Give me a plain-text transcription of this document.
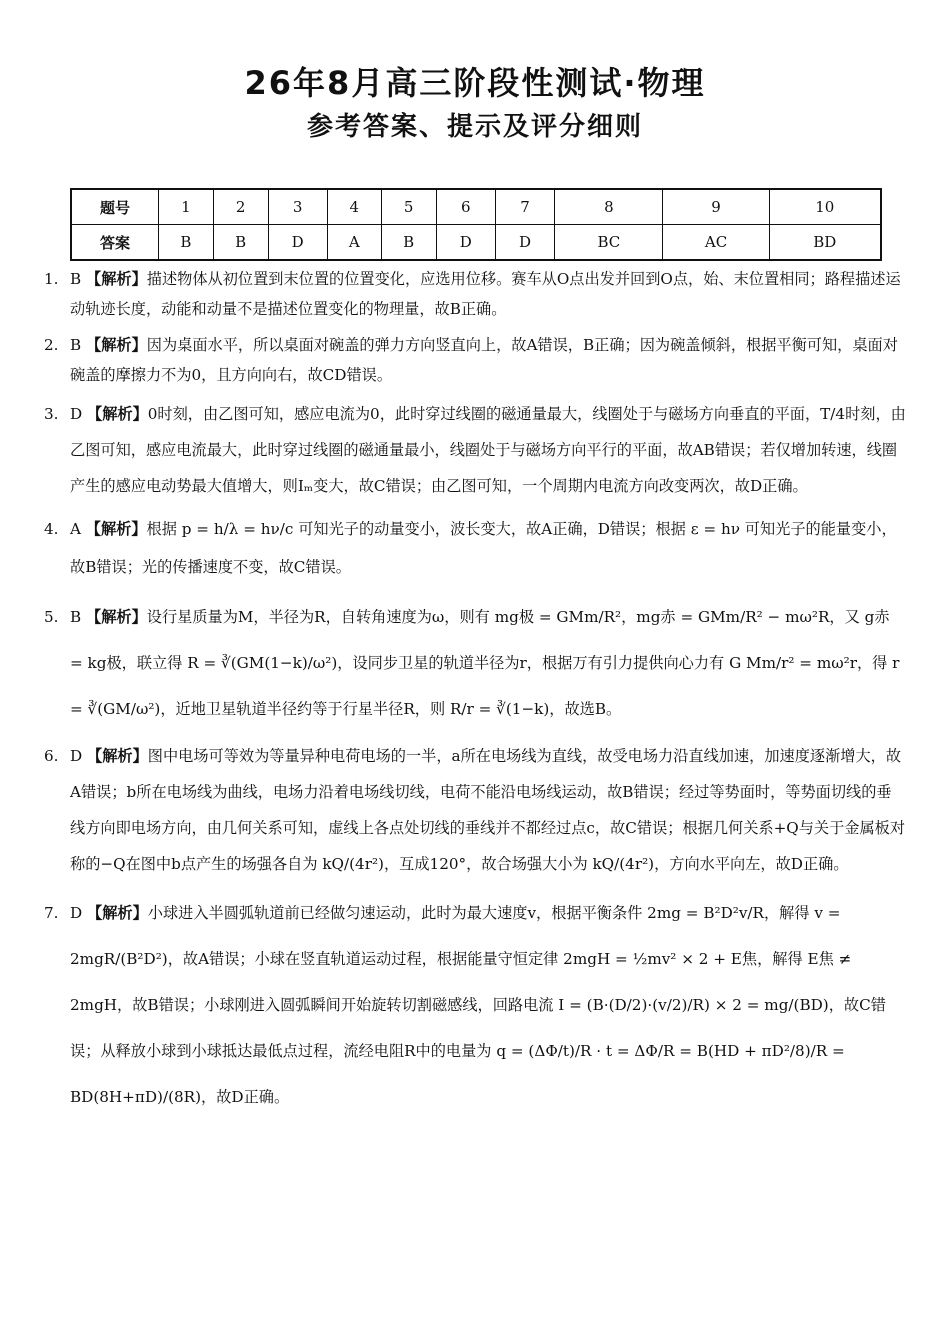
26年8月高三阶段性测试·物理
参考答案、提示及评分细则
题号	1	2	3	4	5	6	7	8	9	10
答案	B	B	D	A	B	D	D	BC	AC	BD
1. B 【解析】描述物体从初位置到末位置的位置变化，应选用位移。赛车从O点出发并回到O点，始、末位置相同；路程描述运动轨迹长度，动能和动量不是描述位置变化的物理量，故B正确。
2. B 【解析】因为桌面水平，所以桌面对碗盖的弹力方向竖直向上，故A错误，B正确；因为碗盖倾斜，根据平衡可知，桌面对碗盖的摩擦力不为0，且方向向右，故CD错误。
3. D 【解析】0时刻，由乙图可知，感应电流为0，此时穿过线圈的磁通量最大，线圈处于与磁场方向垂直的平面，T/4时刻，由乙图可知，感应电流最大，此时穿过线圈的磁通量最小，线圈处于与磁场方向平行的平面，故AB错误；若仅增加转速，线圈产生的感应电动势最大值增大，则Iₘ变大，故C错误；由乙图可知，一个周期内电流方向改变两次，故D正确。
4. A 【解析】根据 p = h/λ = hν/c 可知光子的动量变小，波长变大，故A正确，D错误；根据 ε = hν 可知光子的能量变小，故B错误；光的传播速度不变，故C错误。
5. B 【解析】设行星质量为M，半径为R，自转角速度为ω，则有 mg极 = GMm/R²，mg赤 = GMm/R² − mω²R，又 g赤 = kg极，联立得 R = ∛(GM(1−k)/ω²)，设同步卫星的轨道半径为r，根据万有引力提供向心力有 G Mm/r² = mω²r，得 r = ∛(GM/ω²)，近地卫星轨道半径约等于行星半径R，则 R/r = ∛(1−k)，故选B。
6. D 【解析】图中电场可等效为等量异种电荷电场的一半，a所在电场线为直线，故受电场力沿直线加速，加速度逐渐增大，故A错误；b所在电场线为曲线，电场力沿着电场线切线，电荷不能沿电场线运动，故B错误；经过等势面时，等势面切线的垂线方向即电场方向，由几何关系可知，虚线上各点处切线的垂线并不都经过点c，故C错误；根据几何关系+Q与关于金属板对称的−Q在图中b点产生的场强各自为 kQ/(4r²)，互成120°，故合场强大小为 kQ/(4r²)，方向水平向左，故D正确。
7. D 【解析】小球进入半圆弧轨道前已经做匀速运动，此时为最大速度v，根据平衡条件 2mg = B²D²v/R，解得 v = 2mgR/(B²D²)，故A错误；小球在竖直轨道运动过程，根据能量守恒定律 2mgH = ½mv² × 2 + E焦，解得 E焦 ≠ 2mgH，故B错误；小球刚进入圆弧瞬间开始旋转切割磁感线，回路电流 I = (B·(D/2)·(v/2)/R) × 2 = mg/(BD)，故C错误；从释放小球到小球抵达最低点过程，流经电阻R中的电量为 q = (ΔΦ/t)/R · t = ΔΦ/R = B(HD + πD²/8)/R = BD(8H+πD)/(8R)，故D正确。
